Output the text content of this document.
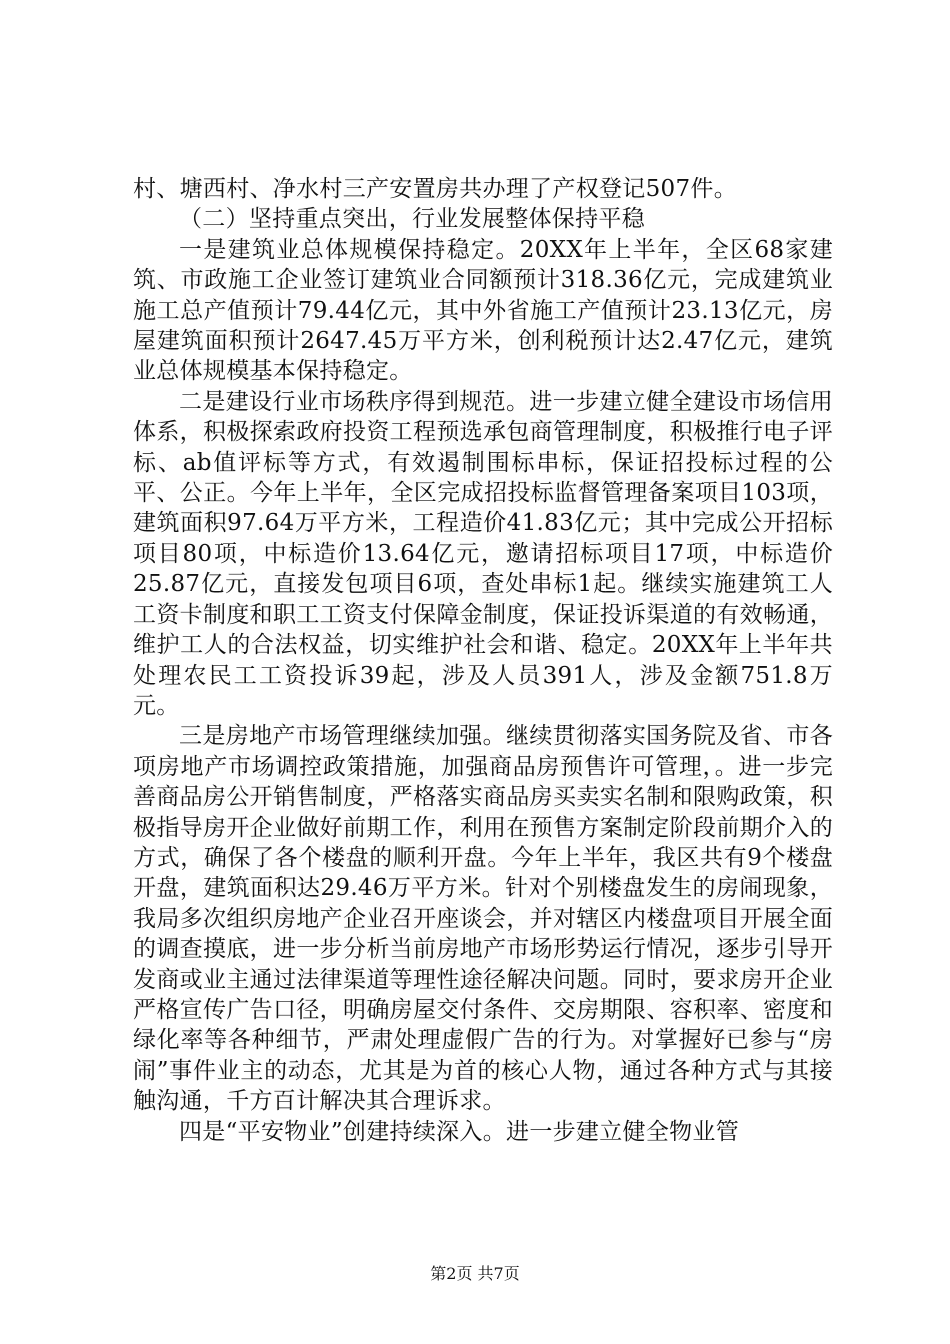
村、塘西村、净水村三产安置房共办理了产权登记507件。

（二）坚持重点突出，行业发展整体保持平稳

一是建筑业总体规模保持稳定。20XX年上半年，全区68家建筑、市政施工企业签订建筑业合同额预计318.36亿元，完成建筑业施工总产值预计79.44亿元，其中外省施工产值预计23.13亿元，房屋建筑面积预计2647.45万平方米，创利税预计达2.47亿元，建筑业总体规模基本保持稳定。

二是建设行业市场秩序得到规范。进一步建立健全建设市场信用体系，积极探索政府投资工程预选承包商管理制度，积极推行电子评标、ab值评标等方式，有效遏制围标串标，保证招投标过程的公平、公正。今年上半年，全区完成招投标监督管理备案项目103项，建筑面积97.64万平方米，工程造价41.83亿元；其中完成公开招标项目80项，中标造价13.64亿元，邀请招标项目17项，中标造价25.87亿元，直接发包项目6项，查处串标1起。继续实施建筑工人工资卡制度和职工工资支付保障金制度，保证投诉渠道的有效畅通，维护工人的合法权益，切实维护社会和谐、稳定。20XX年上半年共处理农民工工资投诉39起，涉及人员391人，涉及金额751.8万元。

三是房地产市场管理继续加强。继续贯彻落实国务院及省、市各项房地产市场调控政策措施，加强商品房预售许可管理，。进一步完善商品房公开销售制度，严格落实商品房买卖实名制和限购政策，积极指导房开企业做好前期工作，利用在预售方案制定阶段前期介入的方式，确保了各个楼盘的顺利开盘。今年上半年，我区共有9个楼盘开盘，建筑面积达29.46万平方米。针对个别楼盘发生的房闹现象，我局多次组织房地产企业召开座谈会，并对辖区内楼盘项目开展全面的调查摸底，进一步分析当前房地产市场形势运行情况，逐步引导开发商或业主通过法律渠道等理性途径解决问题。同时，要求房开企业严格宣传广告口径，明确房屋交付条件、交房期限、容积率、密度和绿化率等各种细节，严肃处理虚假广告的行为。对掌握好已参与“房闹”事件业主的动态，尤其是为首的核心人物，通过各种方式与其接触沟通，千方百计解决其合理诉求。

四是“平安物业”创建持续深入。进一步建立健全物业管

第2页 共7页
